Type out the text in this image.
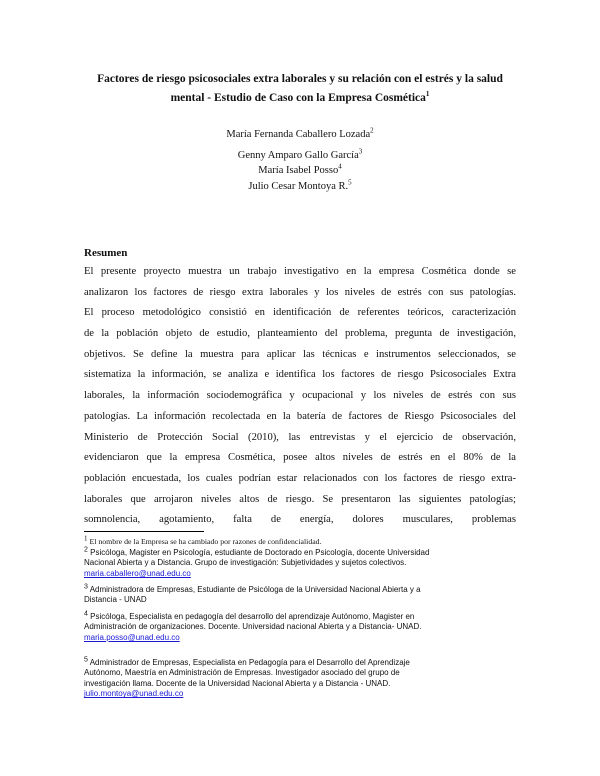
Factores de riesgo psicosociales extra laborales y su relación con el estrés y la salud
mental - Estudio de Caso con la Empresa Cosmética$^1$
María Fernanda Caballero Lozada$^2$
Genny Amparo Gallo García$^3$
María Isabel Posso$^4$
Julio Cesar Montoya R.$^5$
Resumen
El presente proyecto muestra un trabajo investigativo en la empresa Cosmética donde se
analizaron los factores de riesgo extra laborales y los niveles de estrés con sus patologías.
El proceso metodológico consistió en identificación de referentes teóricos, caracterización
de la población objeto de estudio, planteamiento del problema, pregunta de investigación,
objetivos. Se define la muestra para aplicar las técnicas e instrumentos seleccionados, se
sistematiza la información, se analiza e identifica los factores de riesgo Psicosociales Extra
laborales, la información sociodemográfica y ocupacional y los niveles de estrés con sus
patologías. La información recolectada en la batería de factores de Riesgo Psicosociales del
Ministerio de Protección Social (2010), las entrevistas y el ejercicio de observación,
evidenciaron que la empresa Cosmética, posee altos niveles de estrés en el 80% de la
población encuestada, los cuales podrían estar relacionados con los factores de riesgo extra-
laborales que arrojaron niveles altos de riesgo. Se presentaron las siguientes patologías;
somnolencia, agotamiento, falta de energía, dolores musculares, problemas
$^1$ El nombre de la Empresa se ha cambiado por razones de confidencialidad.
$^2$ Psicóloga, Magister en Psicología, estudiante de Doctorado en Psicología, docente Universidad
Nacional Abierta y a Distancia. Grupo de investigación: Subjetividades y sujetos colectivos.
maria.caballero@unad.edu.co
$^3$ Administradora de Empresas, Estudiante de Psicóloga de la Universidad Nacional Abierta y a
Distancia - UNAD
$^4$ Psicóloga, Especialista en pedagogía del desarrollo del aprendizaje Autónomo, Magister en
Administración de organizaciones. Docente. Universidad nacional Abierta y a Distancia- UNAD.
maria.posso@unad.edu.co
$^5$ Administrador de Empresas, Especialista en Pedagogía para el Desarrollo del Aprendizaje
Autónomo, Maestría en Administración de Empresas. Investigador asociado del grupo de
investigación llama. Docente de la Universidad Nacional Abierta y a Distancia - UNAD.
julio.montoya@unad.edu.co
